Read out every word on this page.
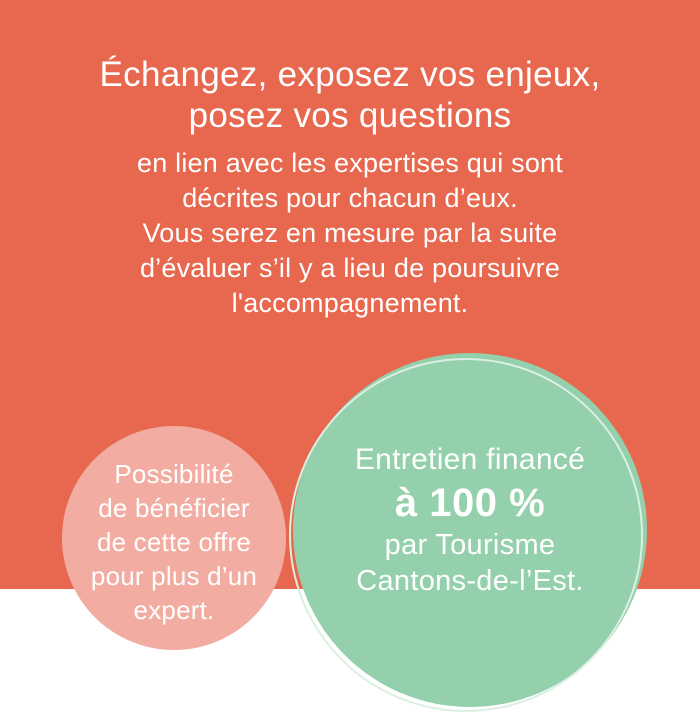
Échangez, exposez vos enjeux,
posez vos questions
en lien avec les expertises qui sont
décrites pour chacun d’eux.
Vous serez en mesure par la suite
d’évaluer s’il y a lieu de poursuivre
l'accompagnement.
Possibilité
de bénéficier
de cette offre
pour plus d’un
expert.
Entretien financé
à 100 %
par Tourisme
Cantons-de-l’Est.
